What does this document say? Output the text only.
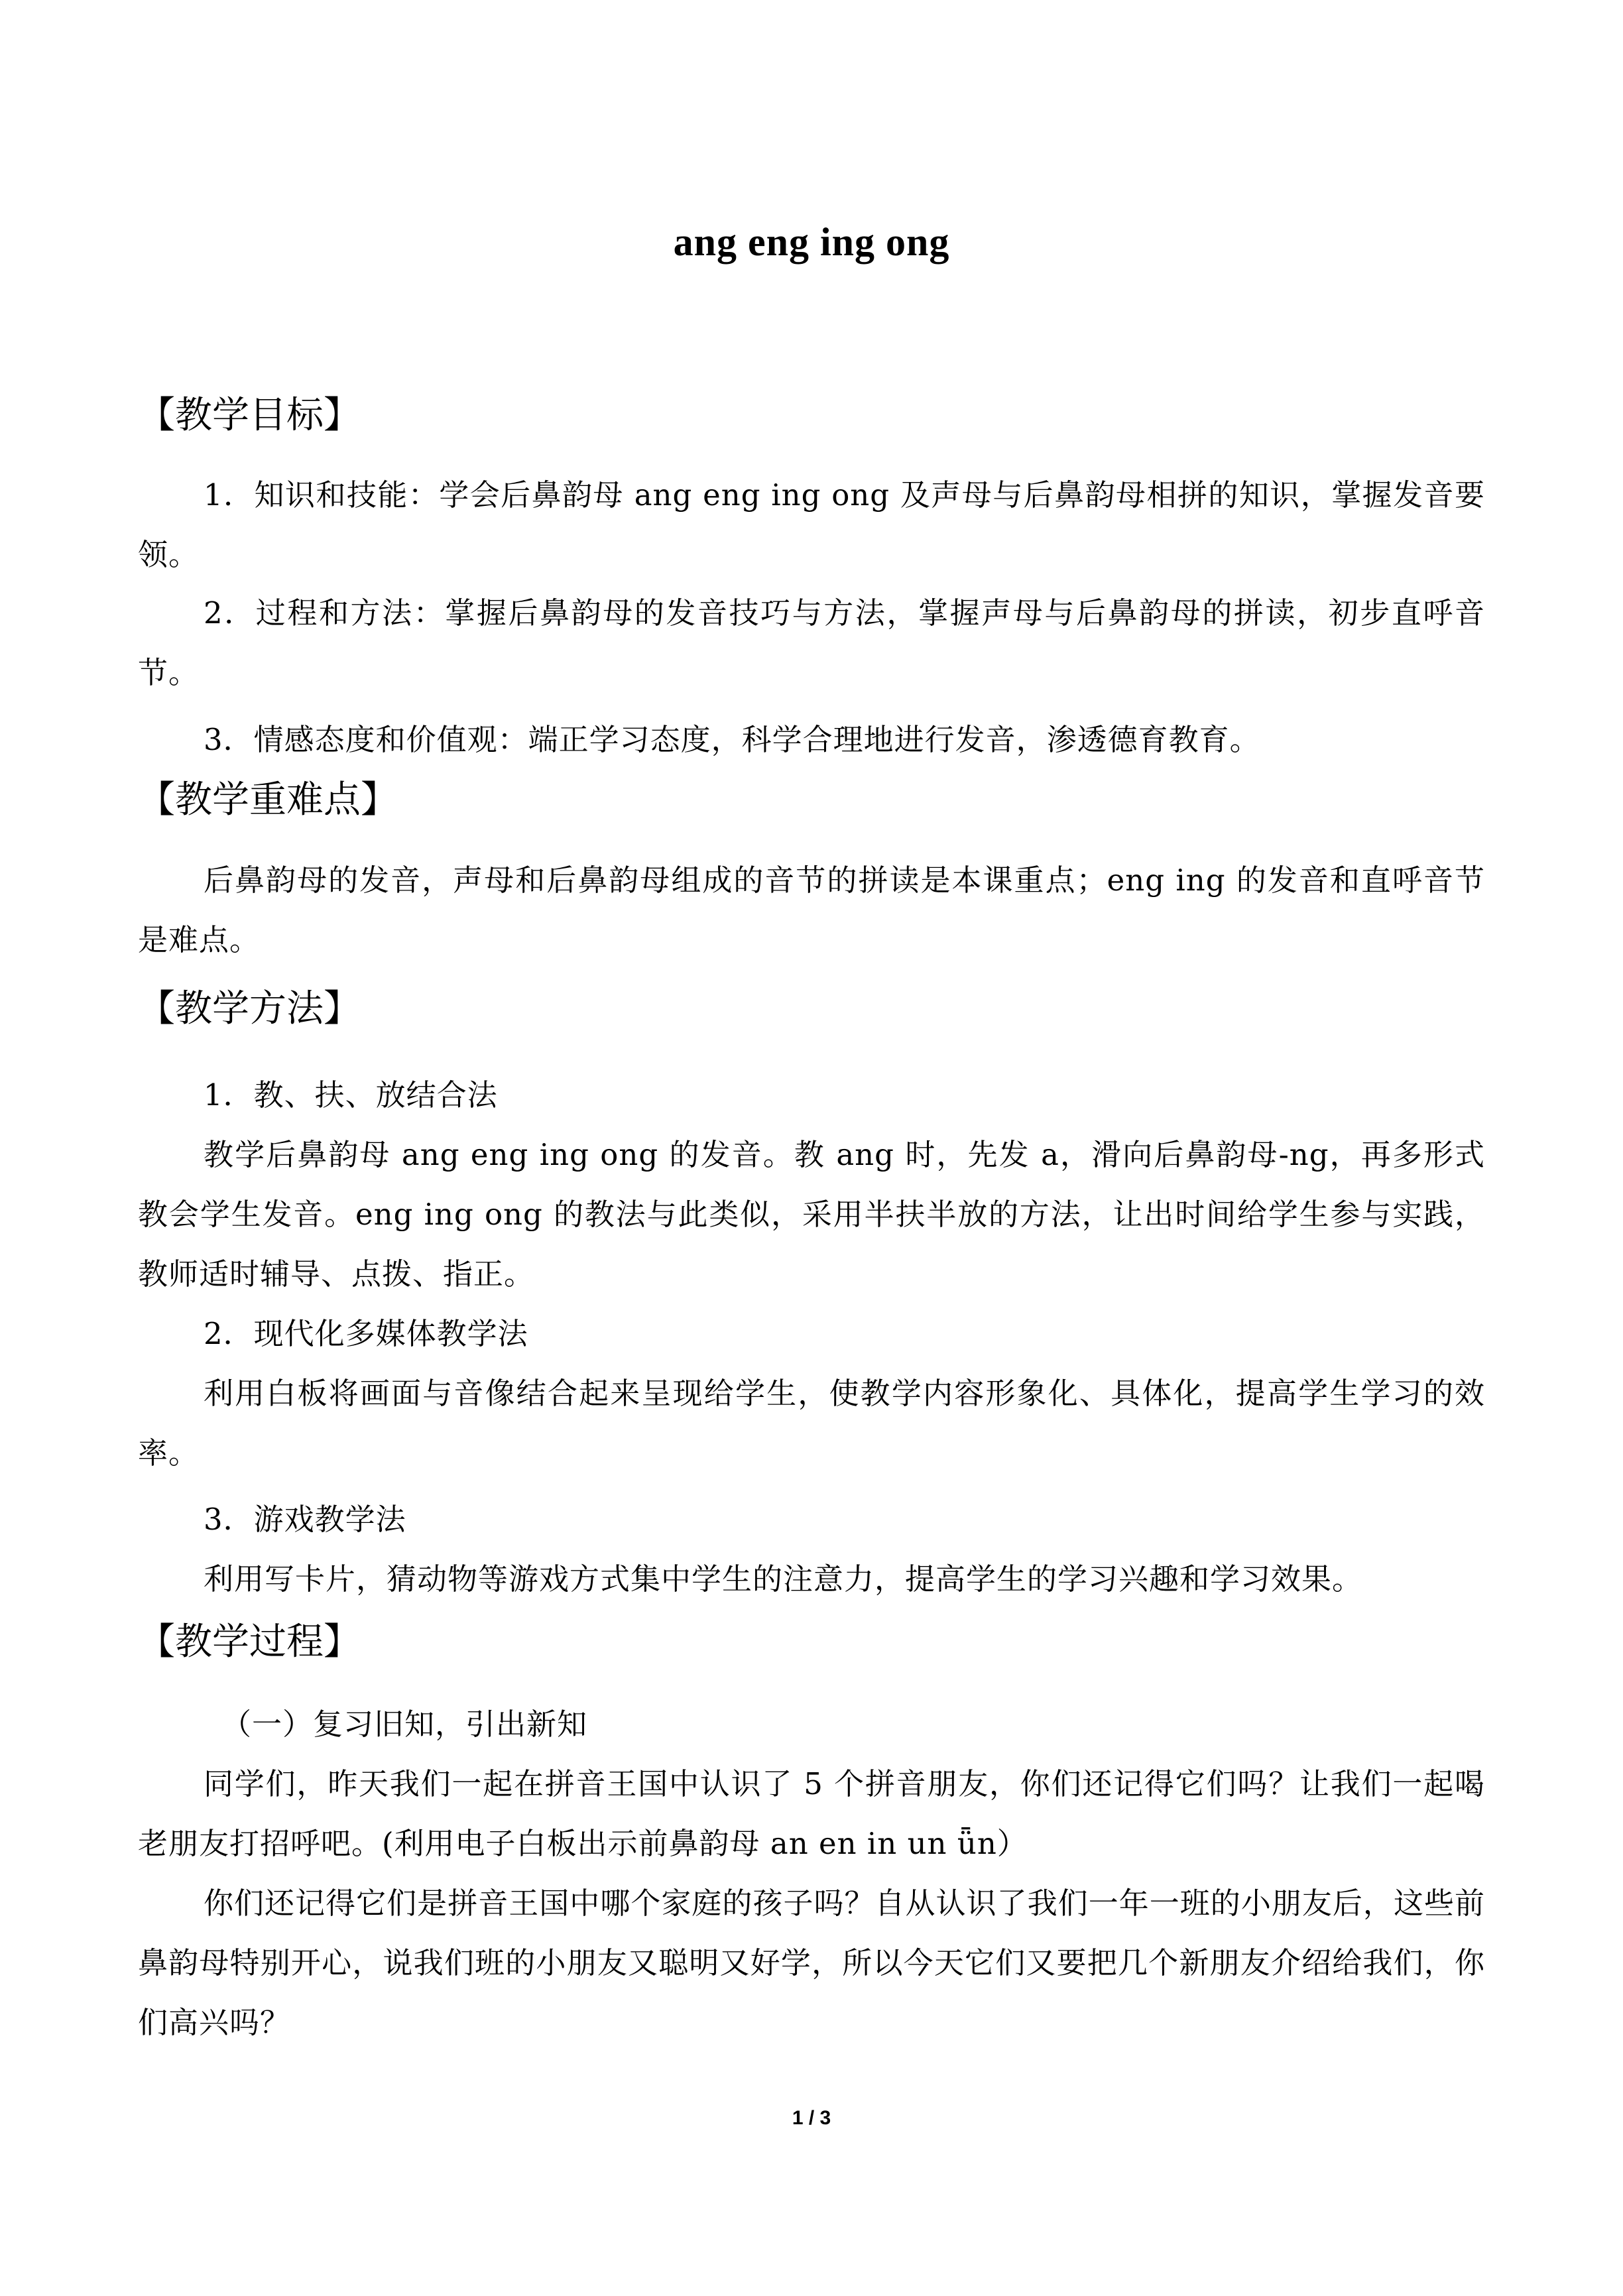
ang eng ing ong
【教学目标】
1．知识和技能：学会后鼻韵母 ang eng ing ong 及声母与后鼻韵母相拼的知识，掌握发音要领。
2．过程和方法：掌握后鼻韵母的发音技巧与方法，掌握声母与后鼻韵母的拼读，初步直呼音节。
3．情感态度和价值观：端正学习态度，科学合理地进行发音，渗透德育教育。
【教学重难点】
后鼻韵母的发音，声母和后鼻韵母组成的音节的拼读是本课重点；eng ing 的发音和直呼音节是难点。
【教学方法】
1．教、扶、放结合法
教学后鼻韵母 ang eng ing ong 的发音。教 ang 时，先发 a，滑向后鼻韵母-ng，再多形式教会学生发音。eng ing ong 的教法与此类似，采用半扶半放的方法，让出时间给学生参与实践，教师适时辅导、点拨、指正。
2．现代化多媒体教学法
利用白板将画面与音像结合起来呈现给学生，使教学内容形象化、具体化，提高学生学习的效率。
3．游戏教学法
利用写卡片，猜动物等游戏方式集中学生的注意力，提高学生的学习兴趣和学习效果。
【教学过程】
（一）复习旧知，引出新知
同学们，昨天我们一起在拼音王国中认识了 5 个拼音朋友，你们还记得它们吗？让我们一起喝老朋友打招呼吧。(利用电子白板出示前鼻韵母 an en in un ǖn）
你们还记得它们是拼音王国中哪个家庭的孩子吗？自从认识了我们一年一班的小朋友后，这些前鼻韵母特别开心，说我们班的小朋友又聪明又好学，所以今天它们又要把几个新朋友介绍给我们，你们高兴吗？
1 / 3
